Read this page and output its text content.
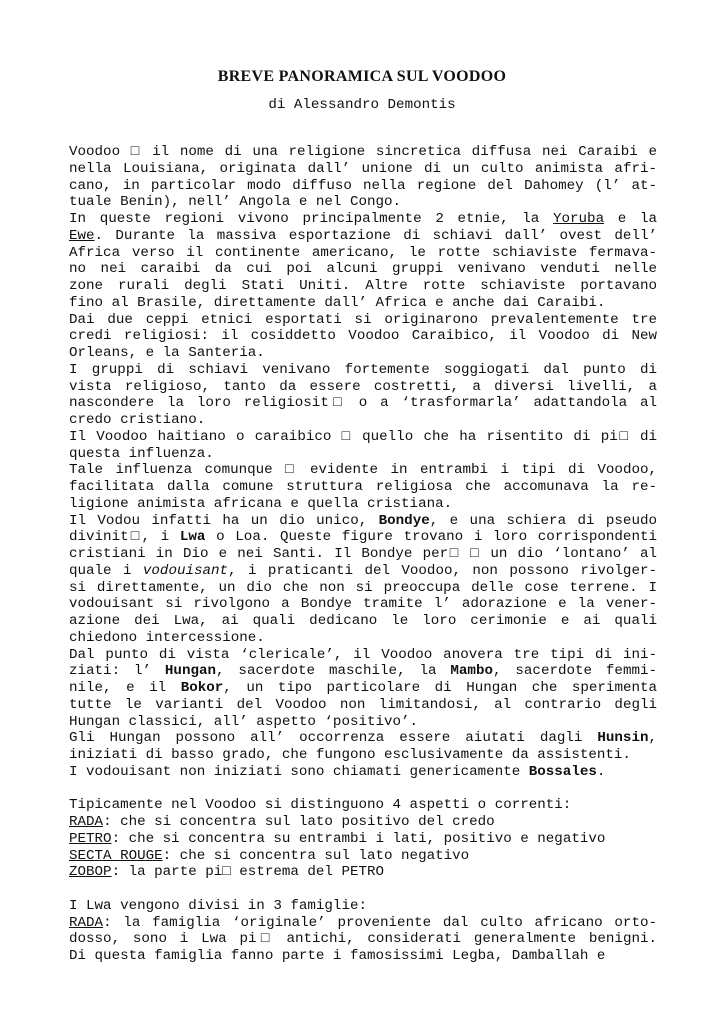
BREVE PANORAMICA SUL VOODOO
di Alessandro Demontis
Voodoo □ il nome di una religione sincretica diffusa nei Caraibi e
nella Louisiana, originata dall’ unione di un culto animista afri-
cano, in particolar modo diffuso nella regione del Dahomey (l’ at-
tuale Benin), nell’ Angola e nel Congo.
In queste regioni vivono principalmente 2 etnie, la Yoruba e la
Ewe. Durante la massiva esportazione di schiavi dall’ ovest dell’
Africa verso il continente americano, le rotte schiaviste fermava-
no nei caraibi da cui poi alcuni gruppi venivano venduti nelle
zone rurali degli Stati Uniti. Altre rotte schiaviste portavano
fino al Brasile, direttamente dall’ Africa e anche dai Caraibi.
Dai due ceppi etnici esportati si originarono prevalentemente tre
credi religiosi: il cosiddetto Voodoo Caraibico, il Voodoo di New
Orleans, e la Santeria.
I gruppi di schiavi venivano fortemente soggiogati dal punto di
vista religioso, tanto da essere costretti, a diversi livelli, a
nascondere la loro religiosit□ o a ‘trasformarla’ adattandola al
credo cristiano.
Il Voodoo haitiano o caraibico □ quello che ha risentito di pi□ di
questa influenza.
Tale influenza comunque □ evidente in entrambi i tipi di Voodoo,
facilitata dalla comune struttura religiosa che accomunava la re-
ligione animista africana e quella cristiana.
Il Vodou infatti ha un dio unico, Bondye, e una schiera di pseudo
divinit□, i Lwa o Loa. Queste figure trovano i loro corrispondenti
cristiani in Dio e nei Santi. Il Bondye per□ □ un dio ‘lontano’ al
quale i vodouisant, i praticanti del Voodoo, non possono rivolger-
si direttamente, un dio che non si preoccupa delle cose terrene. I
vodouisant si rivolgono a Bondye tramite l’ adorazione e la vener-
azione dei Lwa, ai quali dedicano le loro cerimonie e ai quali
chiedono intercessione.
Dal punto di vista ‘clericale’, il Voodoo anovera tre tipi di ini-
ziati: l’ Hungan, sacerdote maschile, la Mambo, sacerdote femmi-
nile, e il Bokor, un tipo particolare di Hungan che sperimenta
tutte le varianti del Voodoo non limitandosi, al contrario degli
Hungan classici, all’ aspetto ‘positivo’.
Gli Hungan possono all’ occorrenza essere aiutati dagli Hunsin,
iniziati di basso grado, che fungono esclusivamente da assistenti.
I vodouisant non iniziati sono chiamati genericamente Bossales.
Tipicamente nel Voodoo si distinguono 4 aspetti o correnti:
RADA: che si concentra sul lato positivo del credo
PETRO: che si concentra su entrambi i lati, positivo e negativo
SECTA ROUGE: che si concentra sul lato negativo
ZOBOP: la parte pi□ estrema del PETRO
I Lwa vengono divisi in 3 famiglie:
RADA: la famiglia ‘originale’ proveniente dal culto africano orto-
dosso, sono i Lwa pi□ antichi, considerati generalmente benigni.
Di questa famiglia fanno parte i famosissimi Legba, Damballah e
